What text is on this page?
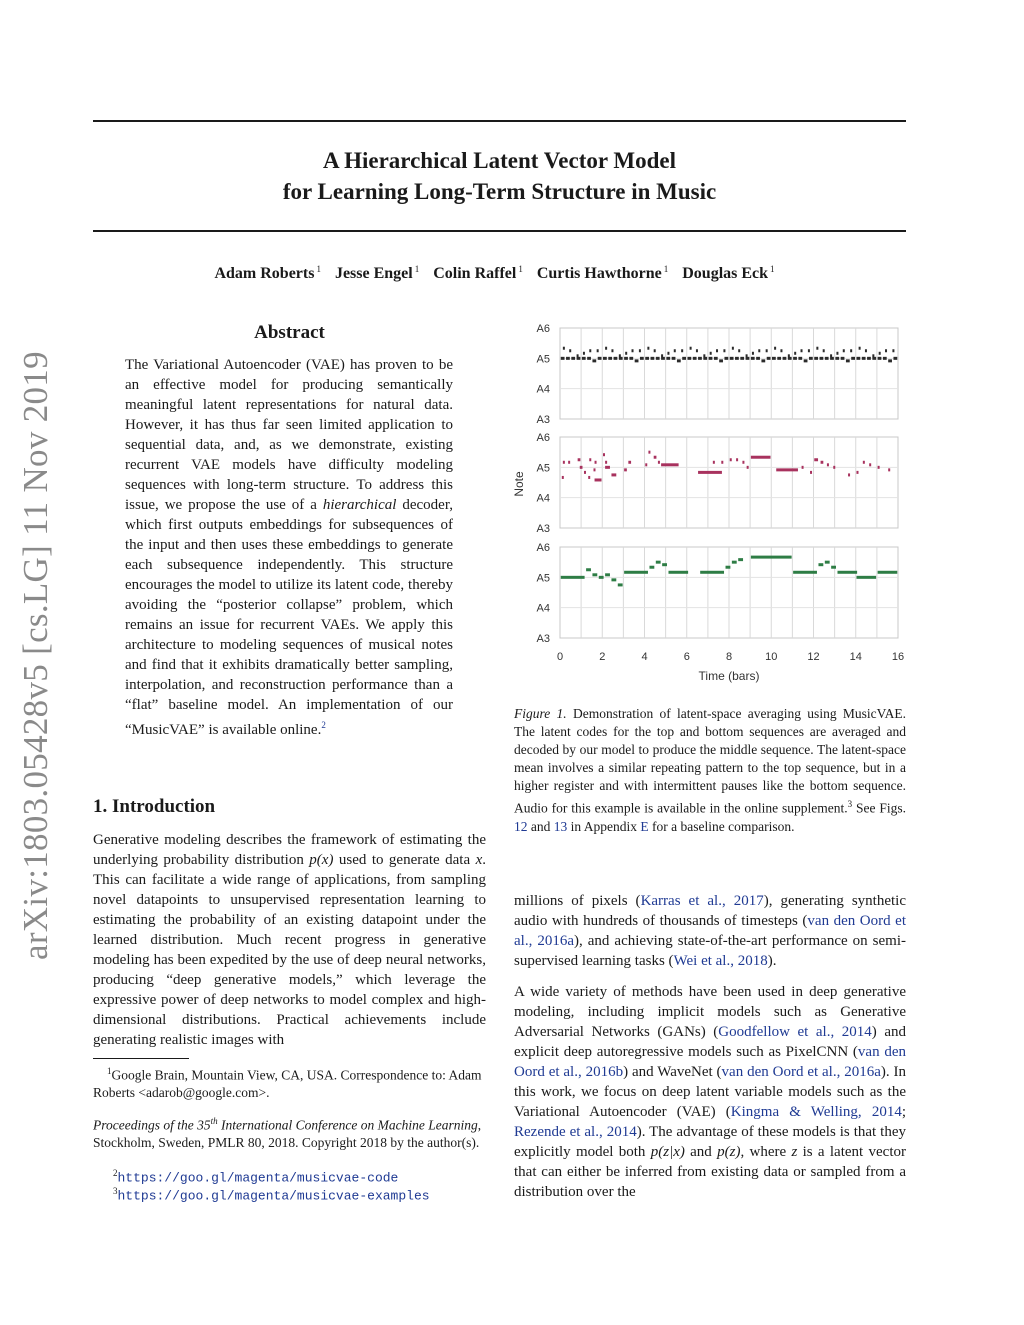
A Hierarchical Latent Vector Model
for Learning Long-Term Structure in Music
Adam Roberts $^1$ Jesse Engel $^1$ Colin Raffel $^1$ Curtis Hawthorne $^1$ Douglas Eck $^1$
arXiv:1803.05428v5 [cs.LG] 11 Nov 2019
Abstract

The Variational Autoencoder (VAE) has proven to be an effective model for producing semantically meaningful latent representations for natural data. However, it has thus far seen limited application to sequential data, and, as we demonstrate, existing recurrent VAE models have difficulty modeling sequences with long-term structure. To address this issue, we propose the use of a hierarchical decoder, which first outputs embeddings for subsequences of the input and then uses these embeddings to generate each subsequence independently. This structure encourages the model to utilize its latent code, thereby avoiding the “posterior collapse” problem, which remains an issue for recurrent VAEs. We apply this architecture to modeling sequences of musical notes and find that it exhibits dramatically better sampling, interpolation, and reconstruction performance than a “flat” baseline model. An implementation of our “MusicVAE” is available online.$^2$

1. Introduction

Generative modeling describes the framework of estimating the underlying probability distribution p(x) used to generate data x. This can facilitate a wide range of applications, from sampling novel datapoints to unsupervised representation learning to estimating the probability of an existing datapoint under the learned distribution. Much recent progress in generative modeling has been expedited by the use of deep neural networks, producing “deep generative models,” which leverage the expressive power of deep networks to model complex and high-dimensional distributions. Practical achievements include generating realistic images with

$^1$Google Brain, Mountain View, CA, USA. Correspondence to: Adam Roberts <adarob@google.com>.

Proceedings of the 35th International Conference on Machine Learning, Stockholm, Sweden, PMLR 80, 2018. Copyright 2018 by the author(s).

$^2$https://goo.gl/magenta/musicvae-code

$^3$https://goo.gl/magenta/musicvae-examples

A6
A5
A4
A3
A6
A5
A4
A3
A6
A5
A4
A3
0	2	4	6	8	10	12	14	16
Time (bars)
Note

Figure 1. Demonstration of latent-space averaging using MusicVAE. The latent codes for the top and bottom sequences are averaged and decoded by our model to produce the middle sequence. The latent-space mean involves a similar repeating pattern to the top sequence, but in a higher register and with intermittent pauses like the bottom sequence. Audio for this example is available in the online supplement.$^3$ See Figs. 12 and 13 in Appendix E for a baseline comparison.

millions of pixels (Karras et al., 2017), generating synthetic audio with hundreds of thousands of timesteps (van den Oord et al., 2016a), and achieving state-of-the-art performance on semi-supervised learning tasks (Wei et al., 2018).

A wide variety of methods have been used in deep generative modeling, including implicit models such as Generative Adversarial Networks (GANs) (Goodfellow et al., 2014) and explicit deep autoregressive models such as PixelCNN (van den Oord et al., 2016b) and WaveNet (van den Oord et al., 2016a). In this work, we focus on deep latent variable models such as the Variational Autoencoder (VAE) (Kingma & Welling, 2014; Rezende et al., 2014). The advantage of these models is that they explicitly model both p(z|x) and p(z), where z is a latent vector that can either be inferred from existing data or sampled from a distribution over the
